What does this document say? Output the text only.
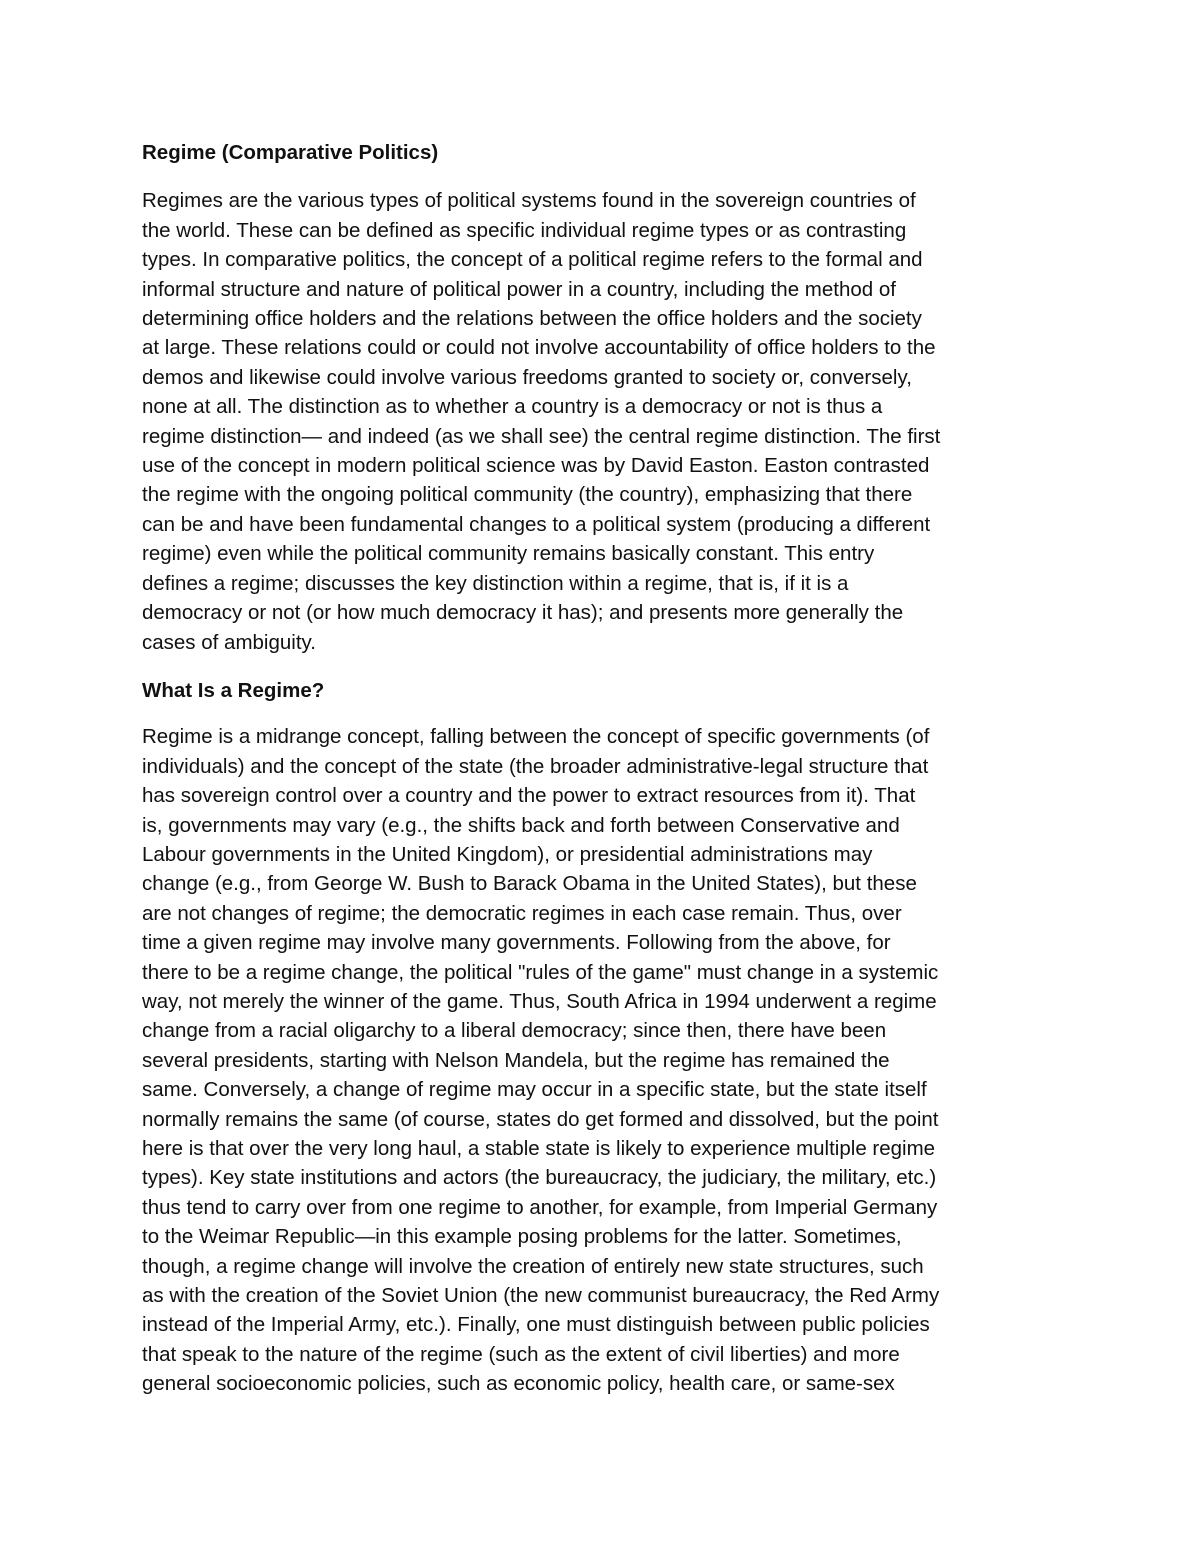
Regime (Comparative Politics)

Regimes are the various types of political systems found in the sovereign countries of
the world. These can be defined as specific individual regime types or as contrasting
types. In comparative politics, the concept of a political regime refers to the formal and
informal structure and nature of political power in a country, including the method of
determining office holders and the relations between the office holders and the society
at large. These relations could or could not involve accountability of office holders to the
demos and likewise could involve various freedoms granted to society or, conversely,
none at all. The distinction as to whether a country is a democracy or not is thus a
regime distinction— and indeed (as we shall see) the central regime distinction. The first
use of the concept in modern political science was by David Easton. Easton contrasted
the regime with the ongoing political community (the country), emphasizing that there
can be and have been fundamental changes to a political system (producing a different
regime) even while the political community remains basically constant. This entry
defines a regime; discusses the key distinction within a regime, that is, if it is a
democracy or not (or how much democracy it has); and presents more generally the
cases of ambiguity.

What Is a Regime?

Regime is a midrange concept, falling between the concept of specific governments (of
individuals) and the concept of the state (the broader administrative-legal structure that
has sovereign control over a country and the power to extract resources from it). That
is, governments may vary (e.g., the shifts back and forth between Conservative and
Labour governments in the United Kingdom), or presidential administrations may
change (e.g., from George W. Bush to Barack Obama in the United States), but these
are not changes of regime; the democratic regimes in each case remain. Thus, over
time a given regime may involve many governments. Following from the above, for
there to be a regime change, the political "rules of the game" must change in a systemic
way, not merely the winner of the game. Thus, South Africa in 1994 underwent a regime
change from a racial oligarchy to a liberal democracy; since then, there have been
several presidents, starting with Nelson Mandela, but the regime has remained the
same. Conversely, a change of regime may occur in a specific state, but the state itself
normally remains the same (of course, states do get formed and dissolved, but the point
here is that over the very long haul, a stable state is likely to experience multiple regime
types). Key state institutions and actors (the bureaucracy, the judiciary, the military, etc.)
thus tend to carry over from one regime to another, for example, from Imperial Germany
to the Weimar Republic—in this example posing problems for the latter. Sometimes,
though, a regime change will involve the creation of entirely new state structures, such
as with the creation of the Soviet Union (the new communist bureaucracy, the Red Army
instead of the Imperial Army, etc.). Finally, one must distinguish between public policies
that speak to the nature of the regime (such as the extent of civil liberties) and more
general socioeconomic policies, such as economic policy, health care, or same-sex
